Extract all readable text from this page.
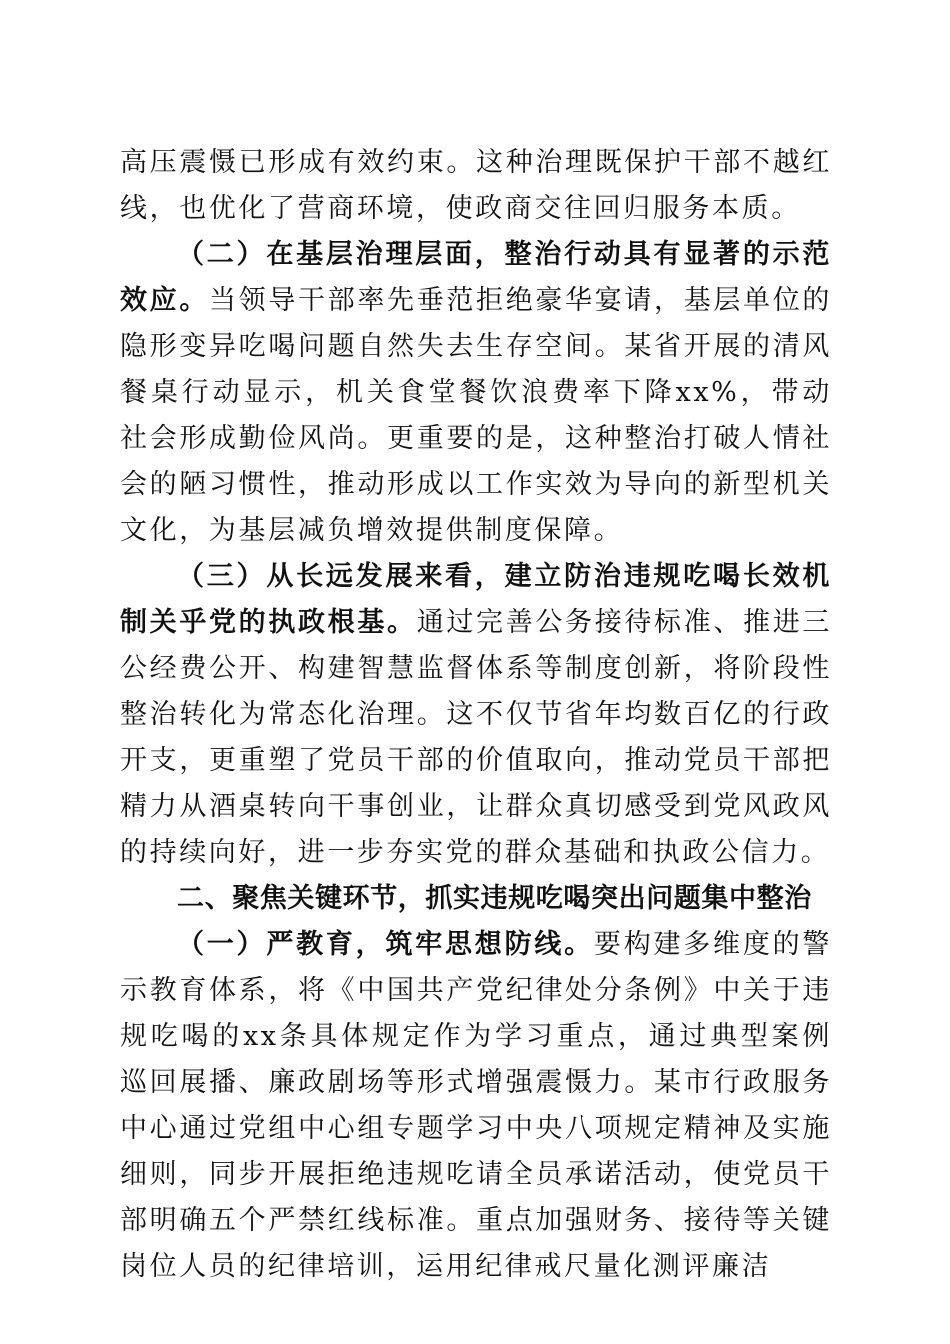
高压震慑已形成有效约束。这种治理既保护干部不越红线，也优化了营商环境，使政商交往回归服务本质。

（二）在基层治理层面，整治行动具有显著的示范效应。当领导干部率先垂范拒绝豪华宴请，基层单位的隐形变异吃喝问题自然失去生存空间。某省开展的清风餐桌行动显示，机关食堂餐饮浪费率下降xx%，带动社会形成勤俭风尚。更重要的是，这种整治打破人情社会的陋习惯性，推动形成以工作实效为导向的新型机关文化，为基层减负增效提供制度保障。

（三）从长远发展来看，建立防治违规吃喝长效机制关乎党的执政根基。通过完善公务接待标准、推进三公经费公开、构建智慧监督体系等制度创新，将阶段性整治转化为常态化治理。这不仅节省年均数百亿的行政开支，更重塑了党员干部的价值取向，推动党员干部把精力从酒桌转向干事创业，让群众真切感受到党风政风的持续向好，进一步夯实党的群众基础和执政公信力。

二、聚焦关键环节，抓实违规吃喝突出问题集中整治

（一）严教育，筑牢思想防线。要构建多维度的警示教育体系，将《中国共产党纪律处分条例》中关于违规吃喝的xx条具体规定作为学习重点，通过典型案例巡回展播、廉政剧场等形式增强震慑力。某市行政服务中心通过党组中心组专题学习中央八项规定精神及实施细则，同步开展拒绝违规吃请全员承诺活动，使党员干部明确五个严禁红线标准。重点加强财务、接待等关键岗位人员的纪律培训，运用纪律戒尺量化测评廉洁
